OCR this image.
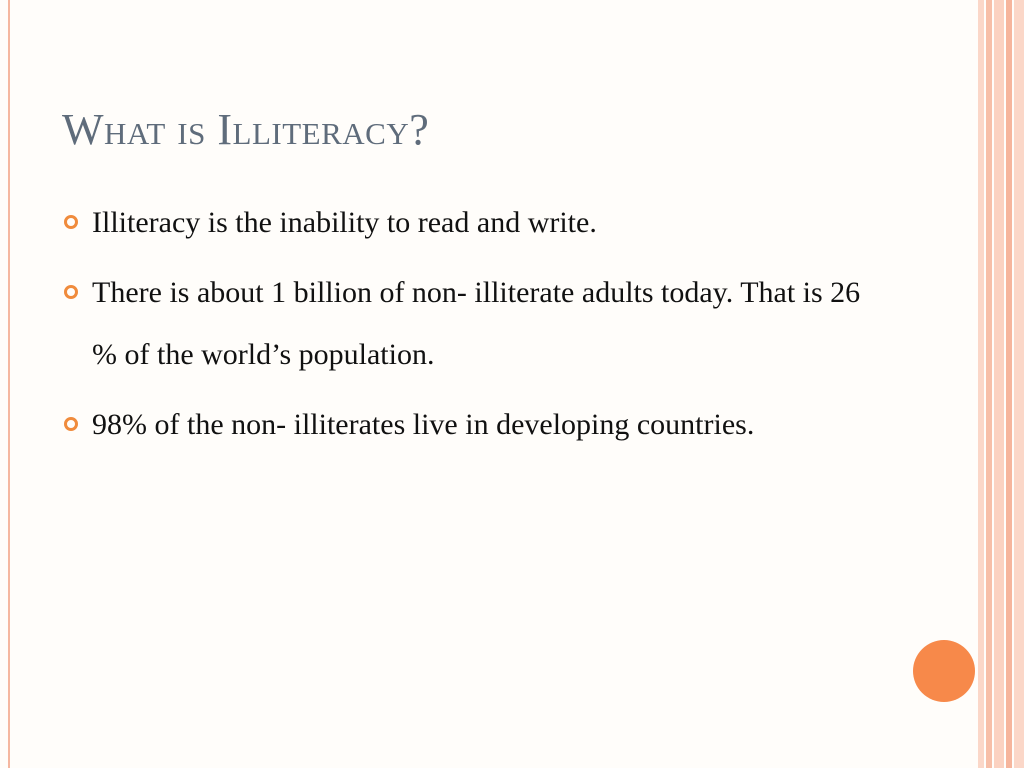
What is Illiteracy?
Illiteracy is the inability to read and write.
There is about 1 billion of non- illiterate adults today. That is 26 % of the world’s population.
98% of the non- illiterates live in developing countries.
